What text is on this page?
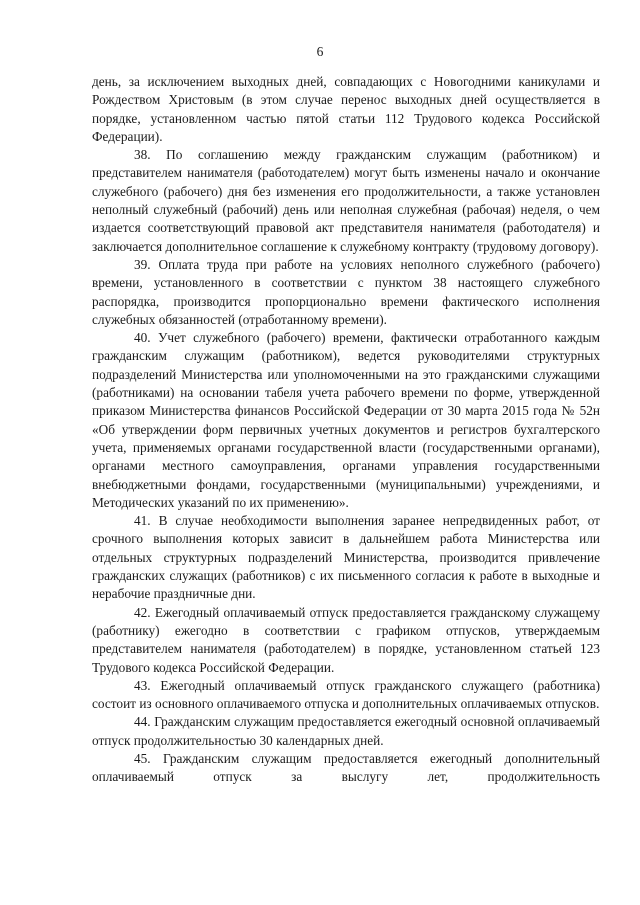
6

день, за исключением выходных дней, совпадающих с Новогодними каникулами и Рождеством Христовым (в этом случае перенос выходных дней осуществляется в порядке, установленном частью пятой статьи 112 Трудового кодекса Российской Федерации).

38. По соглашению между гражданским служащим (работником) и представителем нанимателя (работодателем) могут быть изменены начало и окончание служебного (рабочего) дня без изменения его продолжительности, а также установлен неполный служебный (рабочий) день или неполная служебная (рабочая) неделя, о чем издается соответствующий правовой акт представителя нанимателя (работодателя) и заключается дополнительное соглашение к служебному контракту (трудовому договору).

39. Оплата труда при работе на условиях неполного служебного (рабочего) времени, установленного в соответствии с пунктом 38 настоящего служебного распорядка, производится пропорционально времени фактического исполнения служебных обязанностей (отработанному времени).

40. Учет служебного (рабочего) времени, фактически отработанного каждым гражданским служащим (работником), ведется руководителями структурных подразделений Министерства или уполномоченными на это гражданскими служащими (работниками) на основании табеля учета рабочего времени по форме, утвержденной приказом Министерства финансов Российской Федерации от 30 марта 2015 года № 52н «Об утверждении форм первичных учетных документов и регистров бухгалтерского учета, применяемых органами государственной власти (государственными органами), органами местного самоуправления, органами управления государственными внебюджетными фондами, государственными (муниципальными) учреждениями, и Методических указаний по их применению».

41. В случае необходимости выполнения заранее непредвиденных работ, от срочного выполнения которых зависит в дальнейшем работа Министерства или отдельных структурных подразделений Министерства, производится привлечение гражданских служащих (работников) с их письменного согласия к работе в выходные и нерабочие праздничные дни.

42. Ежегодный оплачиваемый отпуск предоставляется гражданскому служащему (работнику) ежегодно в соответствии с графиком отпусков, утверждаемым представителем нанимателя (работодателем) в порядке, установленном статьей 123 Трудового кодекса Российской Федерации.

43. Ежегодный оплачиваемый отпуск гражданского служащего (работника) состоит из основного оплачиваемого отпуска и дополнительных оплачиваемых отпусков.

44. Гражданским служащим предоставляется ежегодный основной оплачиваемый отпуск продолжительностью 30 календарных дней.

45. Гражданским служащим предоставляется ежегодный дополнительный оплачиваемый отпуск за выслугу лет, продолжительность
